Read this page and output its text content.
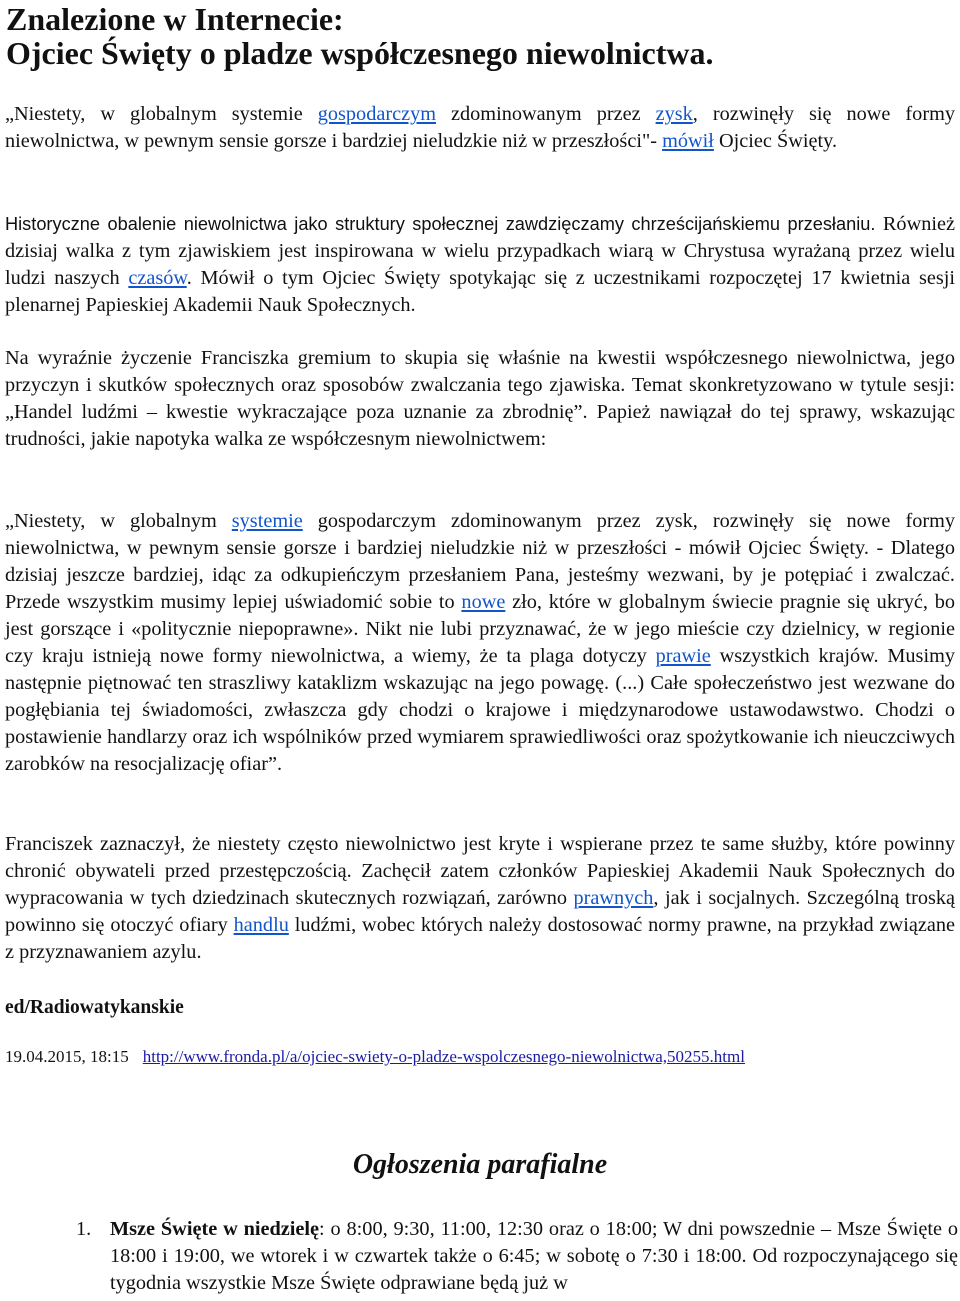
Znalezione w Internecie:
Ojciec Święty o pladze współczesnego niewolnictwa.

„Niestety, w globalnym systemie gospodarczym zdominowanym przez zysk, rozwinęły się nowe formy niewolnictwa, w pewnym sensie gorsze i bardziej nieludzkie niż w przeszłości"- mówił Ojciec Święty.

Historyczne obalenie niewolnictwa jako struktury społecznej zawdzięczamy chrześcijańskiemu przesłaniu. Również dzisiaj walka z tym zjawiskiem jest inspirowana w wielu przypadkach wiarą w Chrystusa wyrażaną przez wielu ludzi naszych czasów. Mówił o tym Ojciec Święty spotykając się z uczestnikami rozpoczętej 17 kwietnia sesji plenarnej Papieskiej Akademii Nauk Społecznych.

Na wyraźnie życzenie Franciszka gremium to skupia się właśnie na kwestii współczesnego niewolnictwa, jego przyczyn i skutków społecznych oraz sposobów zwalczania tego zjawiska. Temat skonkretyzowano w tytule sesji: „Handel ludźmi – kwestie wykraczające poza uznanie za zbrodnię”. Papież nawiązał do tej sprawy, wskazując trudności, jakie napotyka walka ze współczesnym niewolnictwem:

„Niestety, w globalnym systemie gospodarczym zdominowanym przez zysk, rozwinęły się nowe formy niewolnictwa, w pewnym sensie gorsze i bardziej nieludzkie niż w przeszłości - mówił Ojciec Święty. - Dlatego dzisiaj jeszcze bardziej, idąc za odkupieńczym przesłaniem Pana, jesteśmy wezwani, by je potępiać i zwalczać. Przede wszystkim musimy lepiej uświadomić sobie to nowe zło, które w globalnym świecie pragnie się ukryć, bo jest gorszące i «politycznie niepoprawne». Nikt nie lubi przyznawać, że w jego mieście czy dzielnicy, w regionie czy kraju istnieją nowe formy niewolnictwa, a wiemy, że ta plaga dotyczy prawie wszystkich krajów. Musimy następnie piętnować ten straszliwy kataklizm wskazując na jego powagę. (...) Całe społeczeństwo jest wezwane do pogłębiania tej świadomości, zwłaszcza gdy chodzi o krajowe i międzynarodowe ustawodawstwo. Chodzi o postawienie handlarzy oraz ich wspólników przed wymiarem sprawiedliwości oraz spożytkowanie ich nieuczciwych zarobków na resocjalizację ofiar”.

Franciszek zaznaczył, że niestety często niewolnictwo jest kryte i wspierane przez te same służby, które powinny chronić obywateli przed przestępczością. Zachęcił zatem członków Papieskiej Akademii Nauk Społecznych do wypracowania w tych dziedzinach skutecznych rozwiązań, zarówno prawnych, jak i socjalnych. Szczególną troską powinno się otoczyć ofiary handlu ludźmi, wobec których należy dostosować normy prawne, na przykład związane z przyznawaniem azylu.

ed/Radiowatykanskie

19.04.2015, 18:15 http://www.fronda.pl/a/ojciec-swiety-o-pladze-wspolczesnego-niewolnictwa,50255.html
Ogłoszenia parafialne
1. Msze Święte w niedzielę: o 8:00, 9:30, 11:00, 12:30 oraz o 18:00; W dni powszednie – Msze Święte o 18:00 i 19:00, we wtorek i w czwartek także o 6:45; w sobotę o 7:30 i 18:00. Od rozpoczynającego się tygodnia wszystkie Msze Święte odprawiane będą już w
